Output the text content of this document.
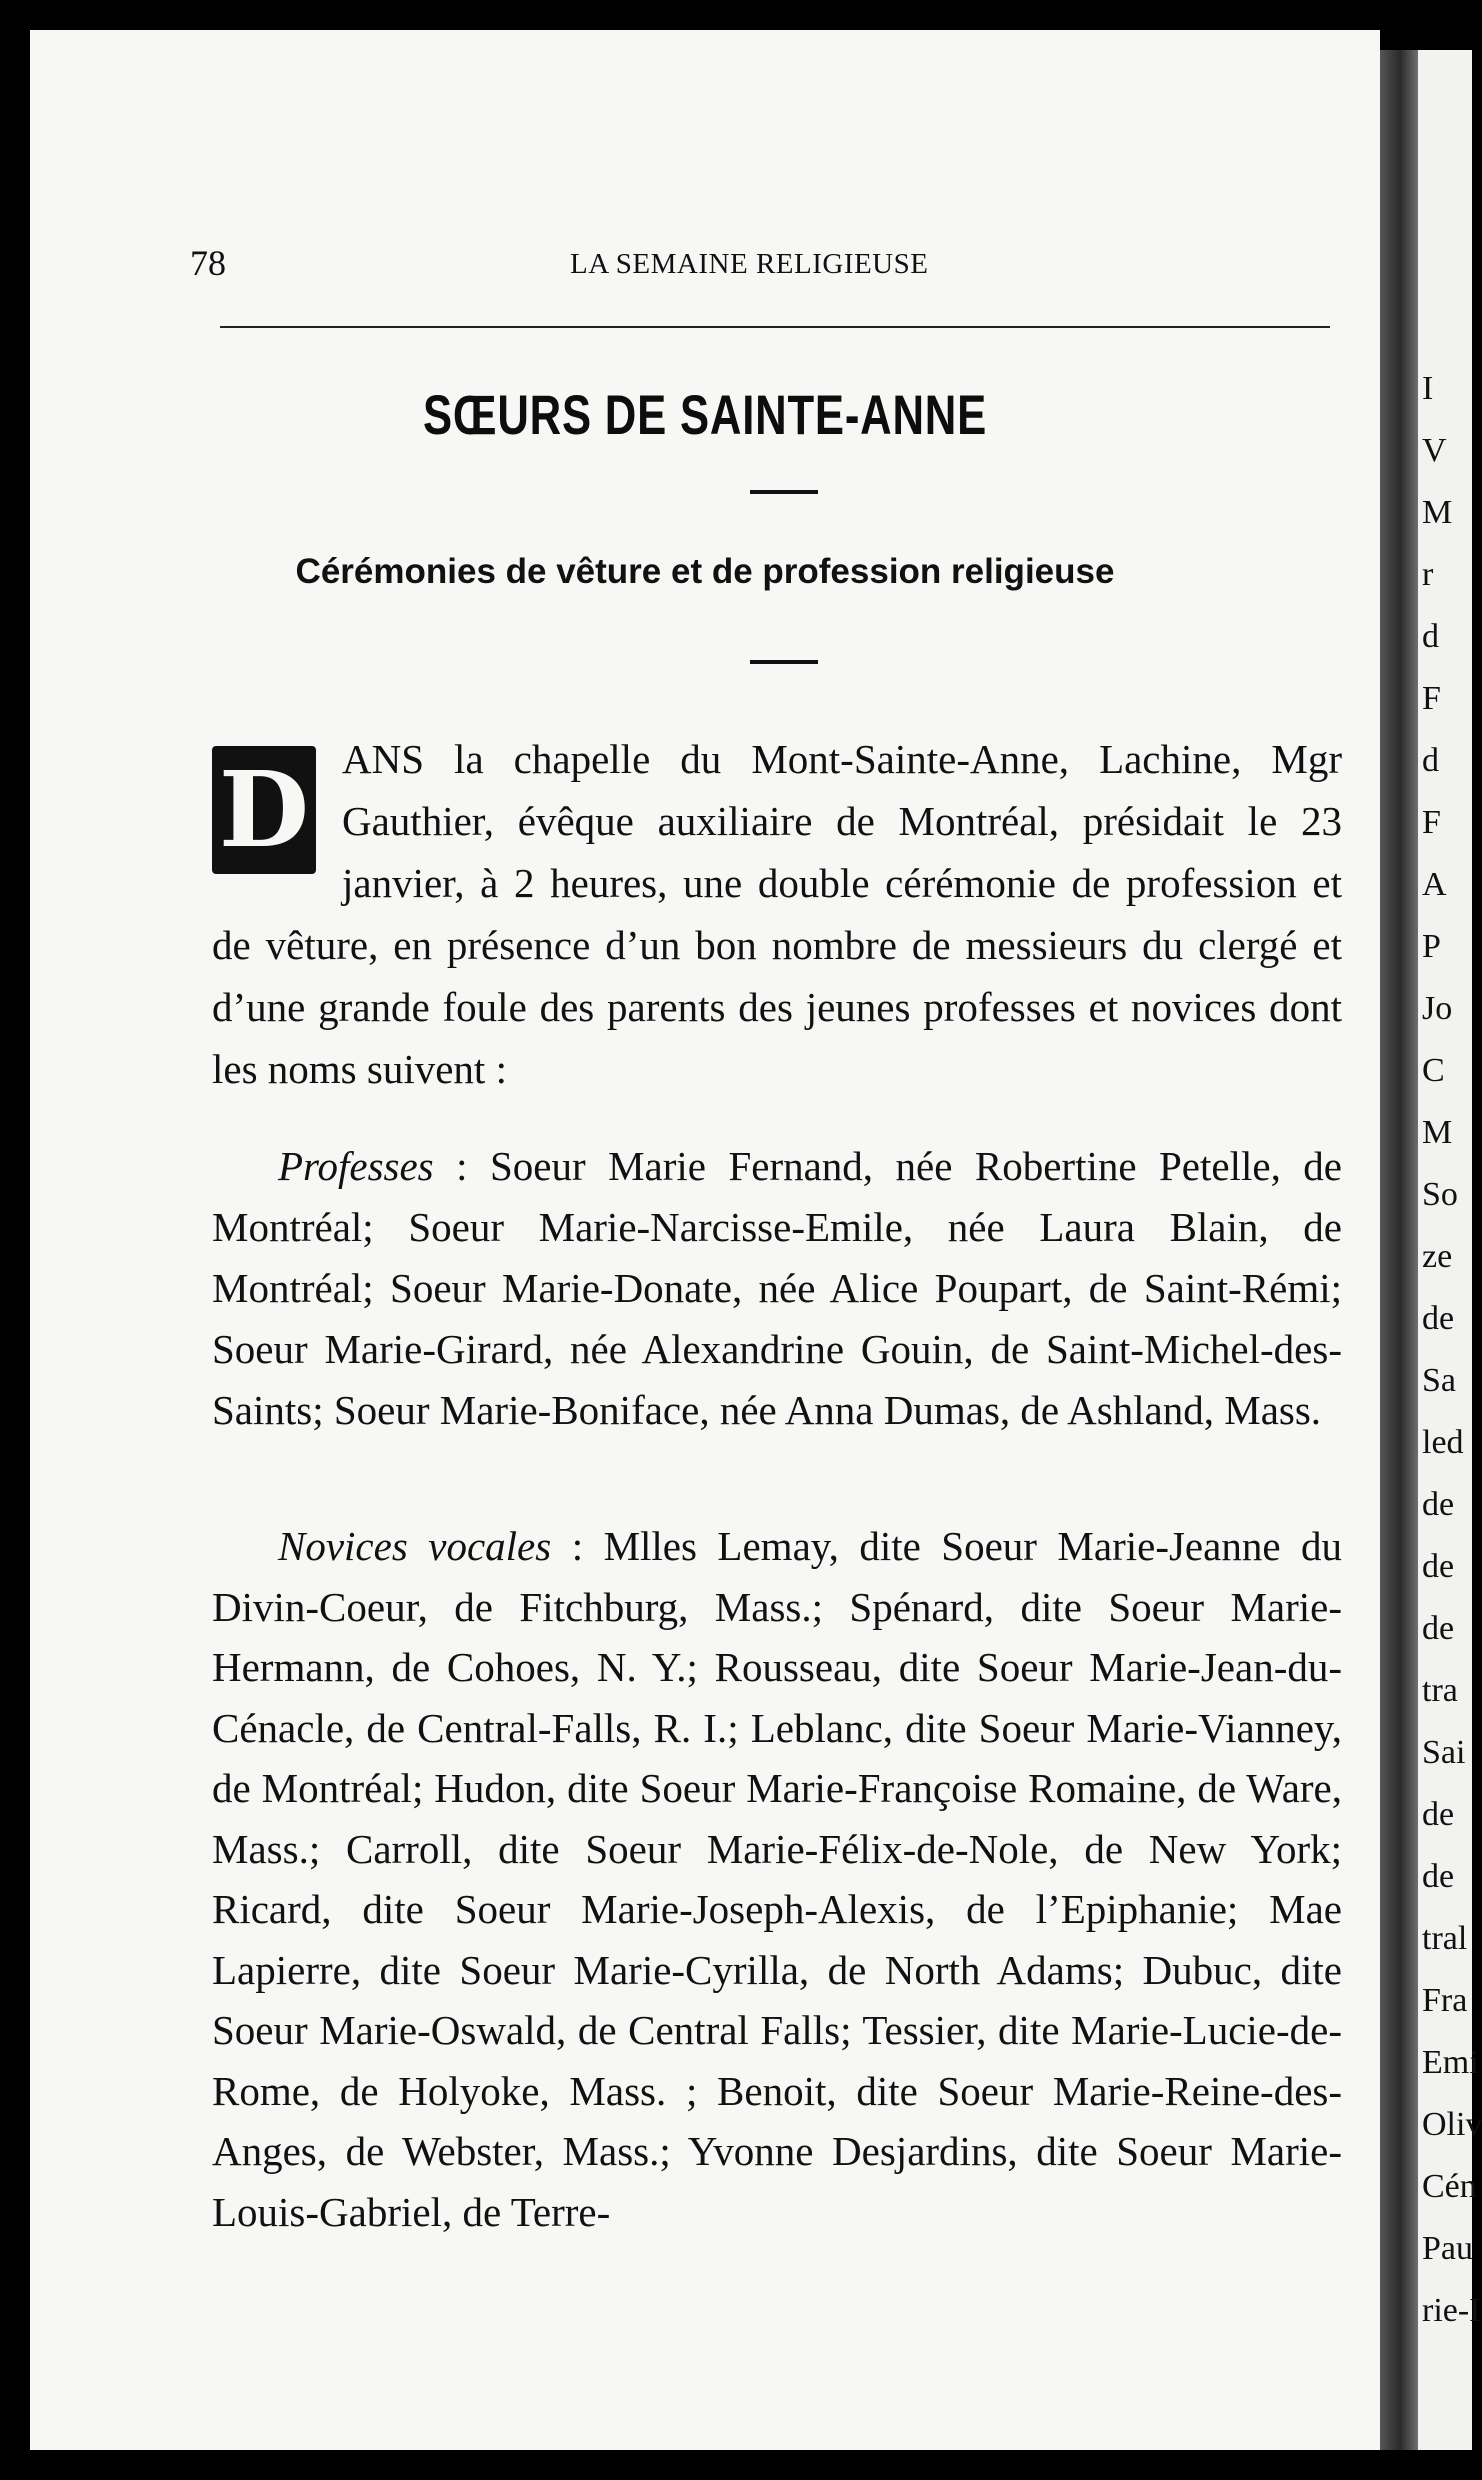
78	LA SEMAINE RELIGIEUSE
SŒURS DE SAINTE-ANNE
Cérémonies de vêture et de profession religieuse
D ANS la chapelle du Mont-Sainte-Anne, Lachine, Mgr Gauthier, évêque auxiliaire de Montréal, présidait le 23 janvier, à 2 heures, une double cérémonie de profession et de vêture, en présence d’un bon nombre de messieurs du clergé et d’une grande foule des parents des jeunes professes et novices dont les noms suivent :

Professes : Soeur Marie Fernand, née Robertine Petelle, de Montréal; Soeur Marie-Narcisse-Emile, née Laura Blain, de Montréal; Soeur Marie-Donate, née Alice Poupart, de Saint-Rémi; Soeur Marie-Girard, née Alexandrine Gouin, de Saint-Michel-des-Saints; Soeur Marie-Boniface, née Anna Dumas, de Ashland, Mass.

Novices vocales : Mlles Lemay, dite Soeur Marie-Jeanne du Divin-Coeur, de Fitchburg, Mass.; Spénard, dite Soeur Marie-Hermann, de Cohoes, N. Y.; Rousseau, dite Soeur Marie-Jean-du-Cénacle, de Central-Falls, R. I.; Leblanc, dite Soeur Marie-Vianney, de Montréal; Hudon, dite Soeur Marie-Françoise Romaine, de Ware, Mass.; Carroll, dite Soeur Marie-Félix-de-Nole, de New York; Ricard, dite Soeur Marie-Joseph-Alexis, de l’Epiphanie; Mae Lapierre, dite Soeur Marie-Cyrilla, de North Adams; Dubuc, dite Soeur Marie-Oswald, de Central Falls; Tessier, dite Marie-Lucie-de-Rome, de Holyoke, Mass. ; Benoit, dite Soeur Marie-Reine-des-Anges, de Webster, Mass.; Yvonne Desjardins, dite Soeur Marie-Louis-Gabriel, de Terre-

I
V
M
r
d
F
d
F
A
P
Jo
C
M
So
ze
de
Sa
led
de
de
de
tra
Sai
de
de
tral
Fra
Emi
Oliv
Cén
Pau
rie-I
